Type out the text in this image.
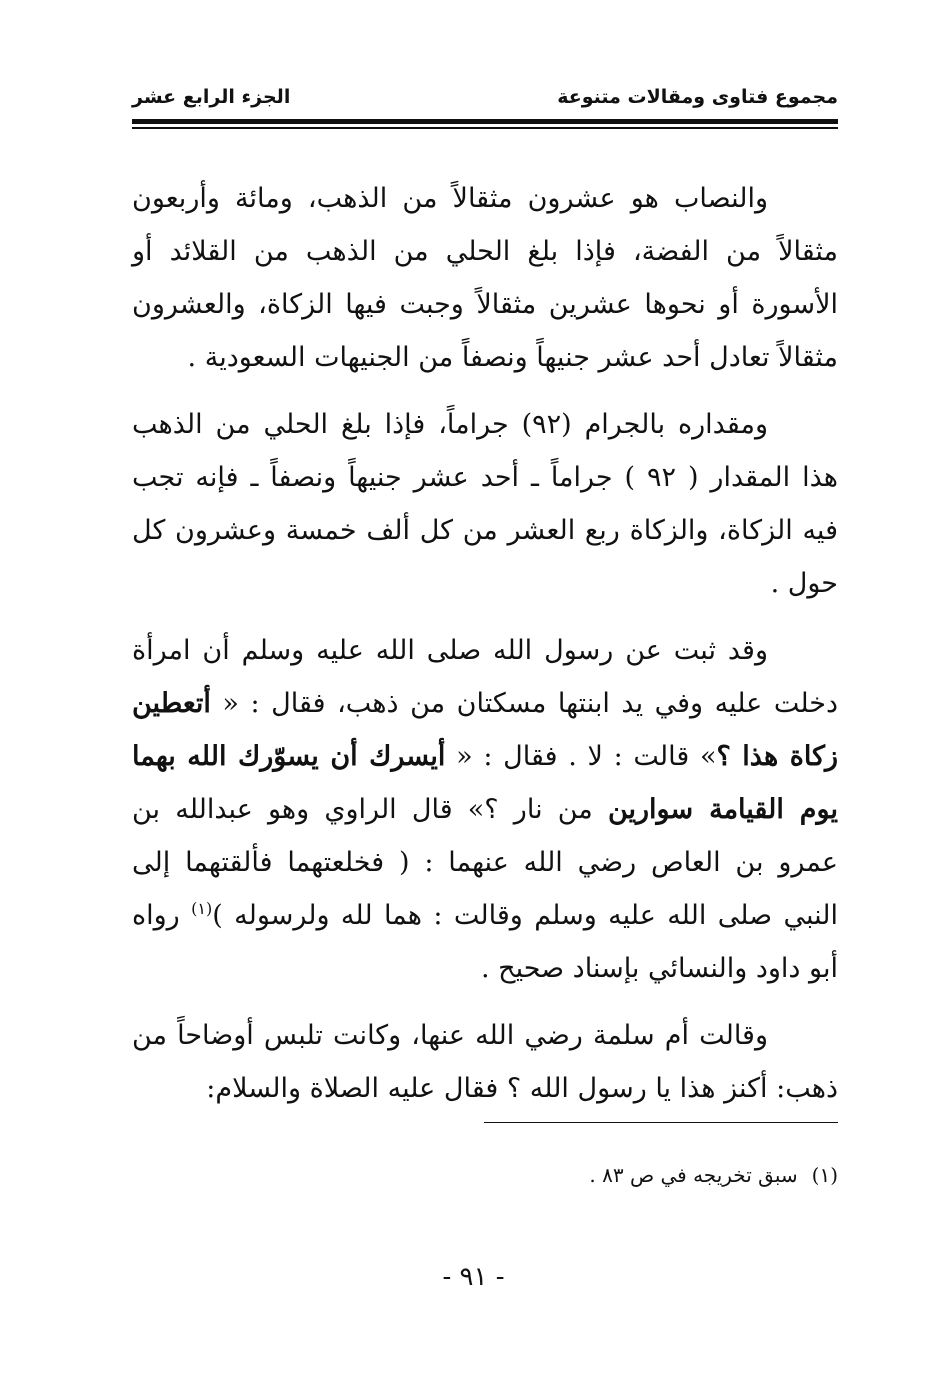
مجموع فتاوى ومقالات متنوعة
الجزء الرابع عشر

والنصاب هو عشرون مثقالاً من الذهب، ومائة وأربعون مثقالاً من الفضة، فإذا بلغ الحلي من الذهب من القلائد أو الأسورة أو نحوها عشرين مثقالاً وجبت فيها الزكاة، والعشرون مثقالاً تعادل أحد عشر جنيهاً ونصفاً من الجنيهات السعودية .

ومقداره بالجرام (٩٢) جراماً، فإذا بلغ الحلي من الذهب هذا المقدار ( ٩٢ ) جراماً ـ أحد عشر جنيهاً ونصفاً ـ فإنه تجب فيه الزكاة، والزكاة ربع العشر من كل ألف خمسة وعشرون كل حول .

وقد ثبت عن رسول الله صلى الله عليه وسلم أن امرأة دخلت عليه وفي يد ابنتها مسكتان من ذهب، فقال : « أتعطين زكاة هذا ؟» قالت : لا . فقال : « أيسرك أن يسوّرك الله بهما يوم القيامة سوارين من نار ؟» قال الراوي وهو عبدالله بن عمرو بن العاص رضي الله عنهما : ( فخلعتهما فألقتهما إلى النبي صلى الله عليه وسلم وقالت : هما لله ولرسوله )$^{(١)}$ رواه أبو داود والنسائي بإسناد صحيح .

وقالت أم سلمة رضي الله عنها، وكانت تلبس أوضاحاً من ذهب: أكنز هذا يا رسول الله ؟ فقال عليه الصلاة والسلام:

(١)سبق تخريجه في ص ٨٣ .
- ٩١ -
